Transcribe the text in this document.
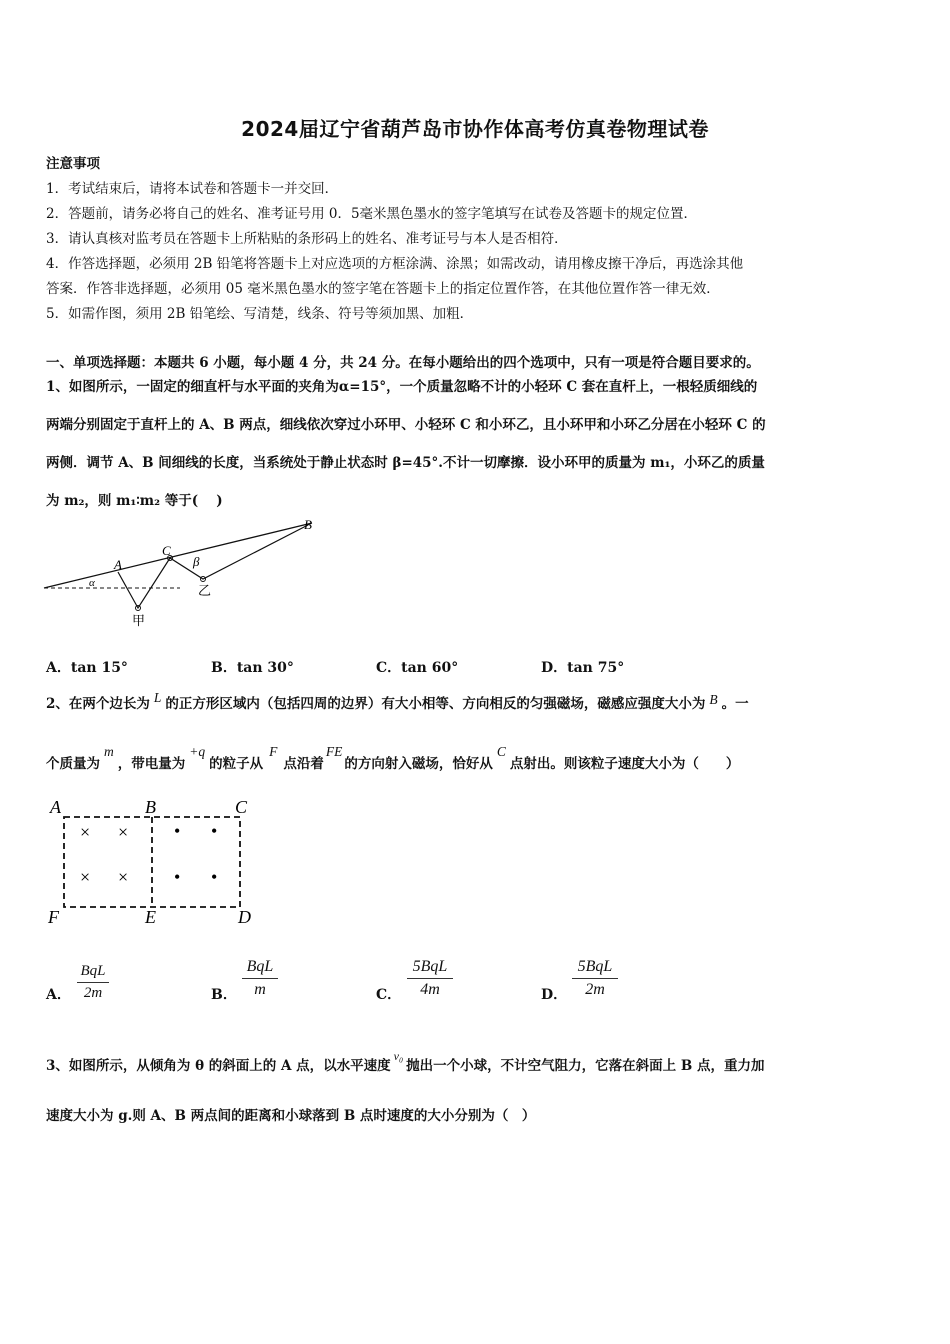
2024届辽宁省葫芦岛市协作体高考仿真卷物理试卷
注意事项
1．考试结束后，请将本试卷和答题卡一并交回．
2．答题前，请务必将自己的姓名、准考证号用 0．5毫米黑色墨水的签字笔填写在试卷及答题卡的规定位置．
3．请认真核对监考员在答题卡上所粘贴的条形码上的姓名、准考证号与本人是否相符．
4．作答选择题，必须用 2B 铅笔将答题卡上对应选项的方框涂满、涂黑；如需改动，请用橡皮擦干净后，再选涂其他
答案．作答非选择题，必须用 05 毫米黑色墨水的签字笔在答题卡上的指定位置作答，在其他位置作答一律无效．
5．如需作图，须用 2B 铅笔绘、写清楚，线条、符号等须加黑、加粗．
一、单项选择题：本题共 6 小题，每小题 4 分，共 24 分。在每小题给出的四个选项中，只有一项是符合题目要求的。
1、如图所示，一固定的细直杆与水平面的夹角为α=15°，一个质量忽略不计的小轻环 C 套在直杆上，一根轻质细线的
两端分别固定于直杆上的 A、B 两点，细线依次穿过小环甲、小轻环 C 和小环乙，且小环甲和小环乙分居在小轻环 C 的
两侧．调节 A、B 间细线的长度，当系统处于静止状态时 β=45°.不计一切摩擦．设小环甲的质量为 m₁，小环乙的质量
为 m₂，则 m₁∶m₂ 等于(　 )
α
A
C
β
B
甲
乙
A．tan 15°	B．tan 30°	C．tan 60°	D．tan 75°
2、在两个边长为 L 的正方形区域内（包括四周的边界）有大小相等、方向相反的匀强磁场，磁感应强度大小为 B 。一
个质量为m，带电量为+q的粒子从F点沿着FE的方向射入磁场，恰好从C点射出。则该粒子速度大小为（　　）
A	B	C
F	E	D
× ×
× ×
• •
• •
A．
BqL
2m	B．
BqL
m	C．
5BqL
4m	D．
5BqL
2m
3、如图所示，从倾角为 θ 的斜面上的 A 点，以水平速度v₀抛出一个小球，不计空气阻力，它落在斜面上 B 点，重力加
速度大小为 g.则 A、B 两点间的距离和小球落到 B 点时速度的大小分别为（　）
